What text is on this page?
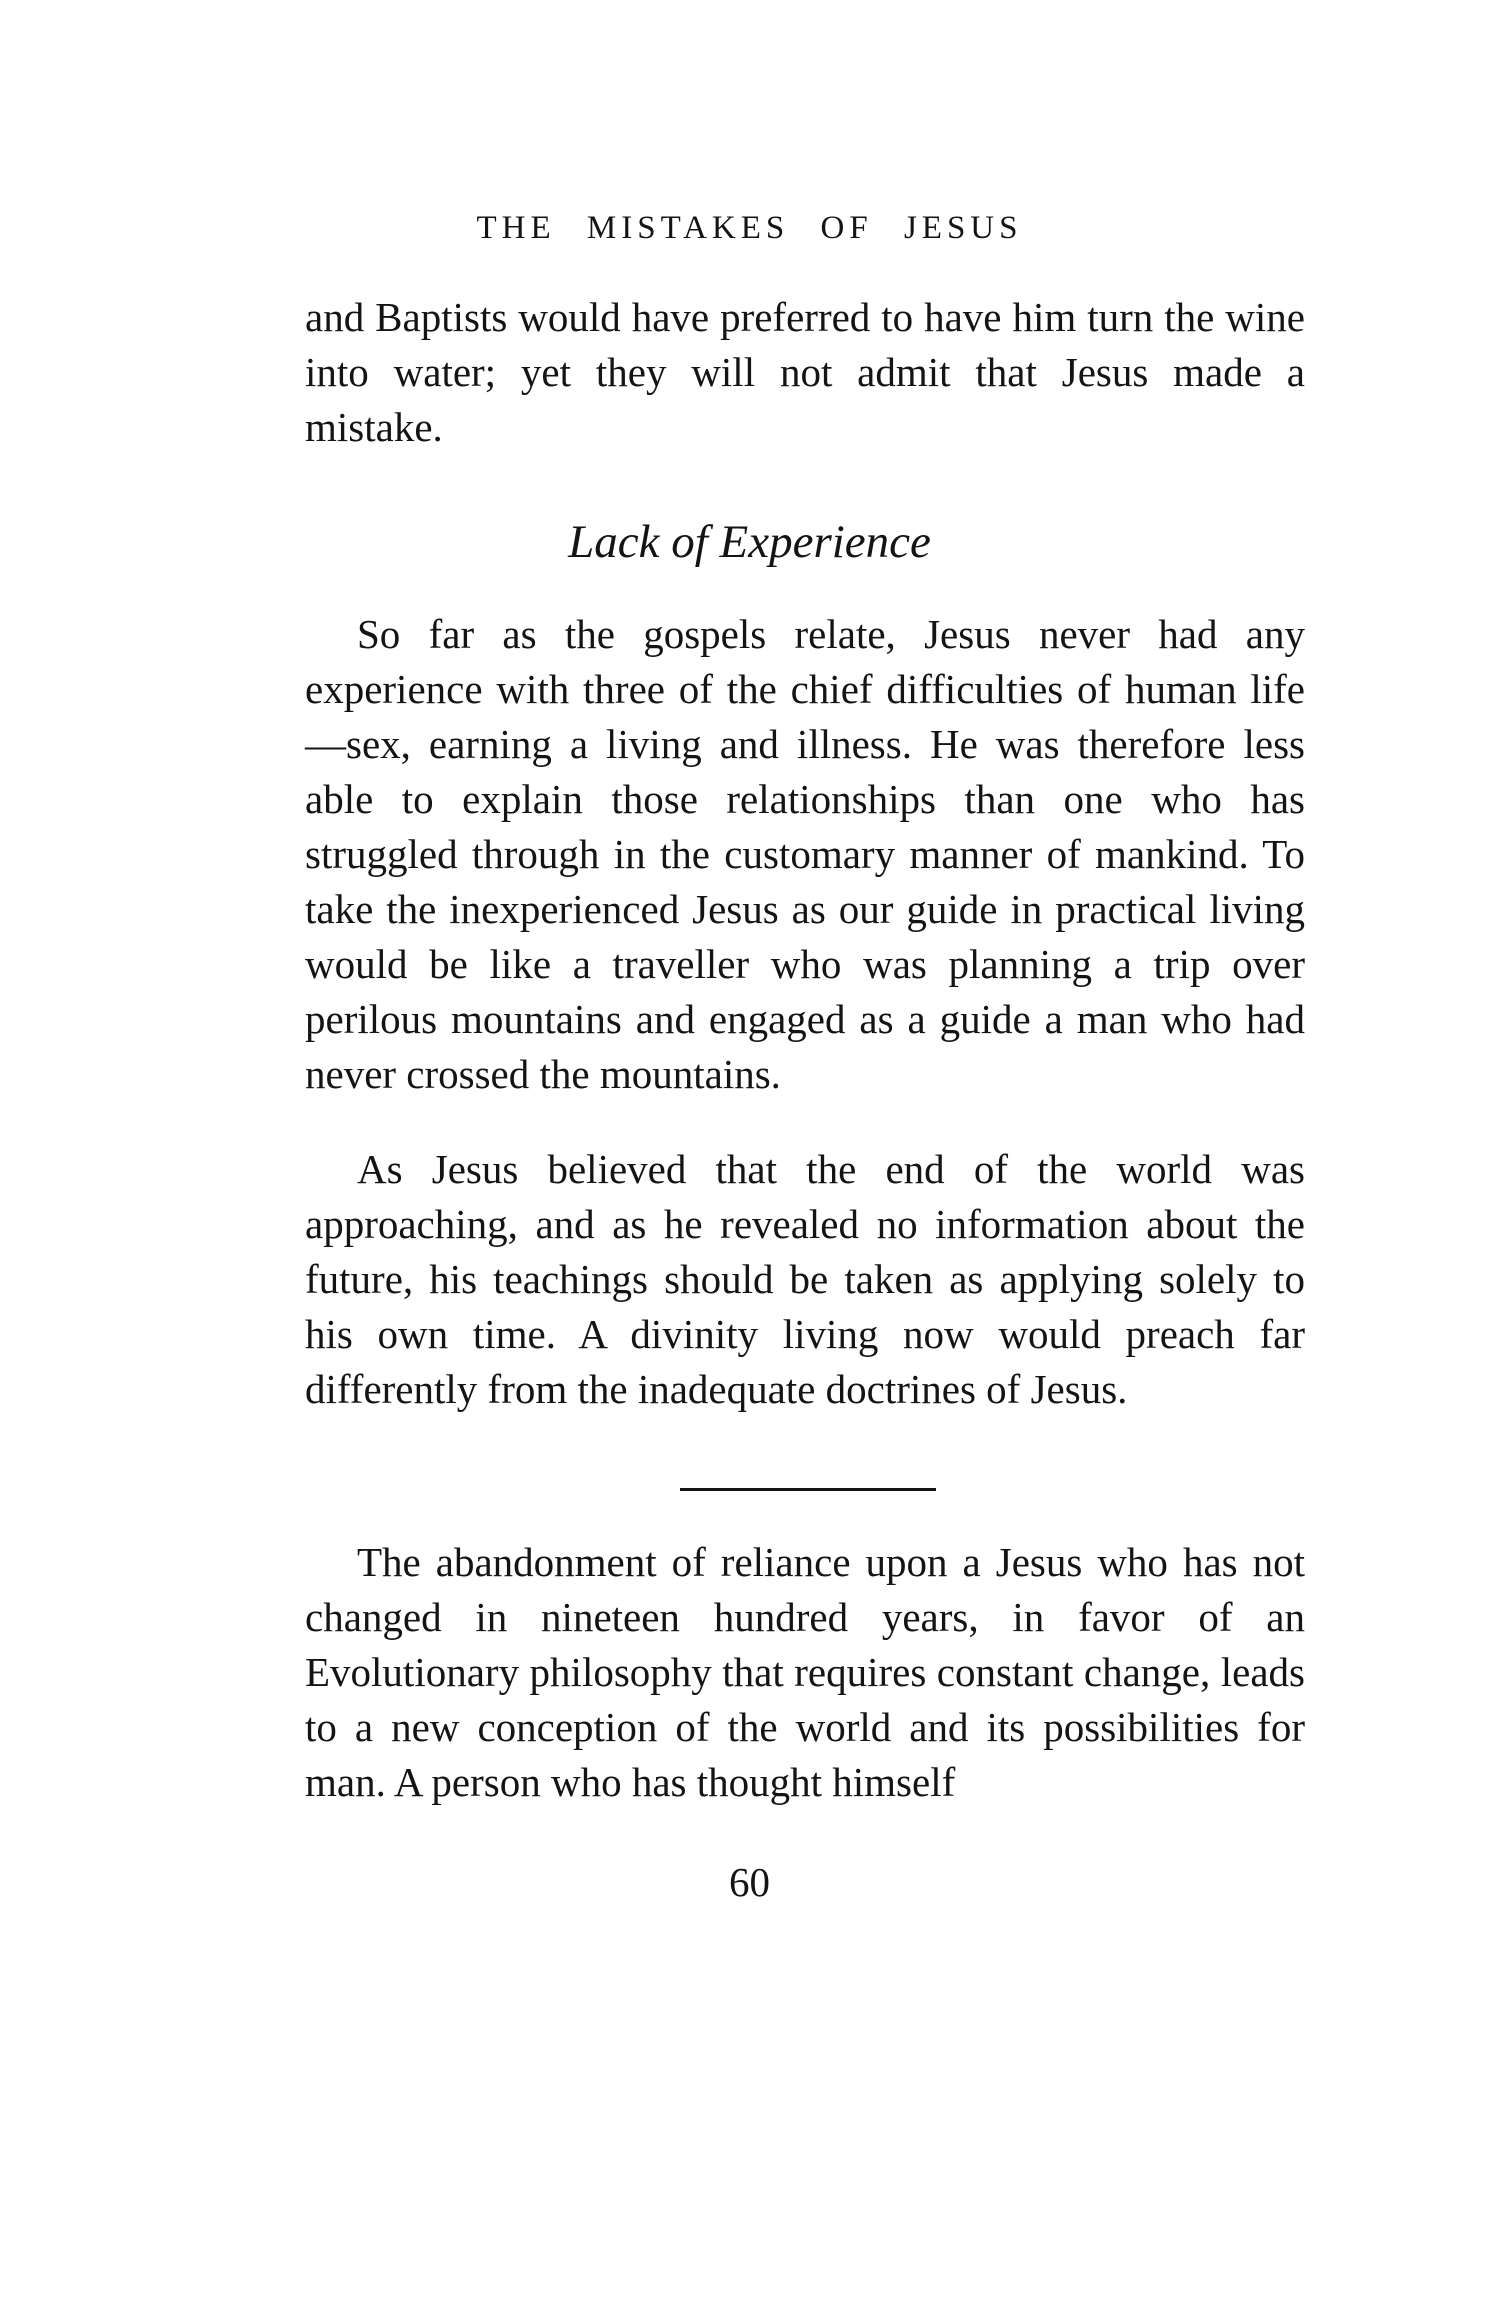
THE MISTAKES OF JESUS

and Baptists would have preferred to have him turn the wine into water; yet they will not admit that Jesus made a mistake.

Lack of Experience

So far as the gospels relate, Jesus never had any experience with three of the chief difficulties of human life—sex, earning a living and illness. He was therefore less able to explain those relationships than one who has struggled through in the customary manner of mankind. To take the inexperienced Jesus as our guide in practical living would be like a traveller who was planning a trip over perilous mountains and engaged as a guide a man who had never crossed the mountains.

As Jesus believed that the end of the world was approaching, and as he revealed no information about the future, his teachings should be taken as applying solely to his own time. A divinity living now would preach far differently from the inadequate doctrines of Jesus.

The abandonment of reliance upon a Jesus who has not changed in nineteen hundred years, in favor of an Evolutionary philosophy that requires constant change, leads to a new conception of the world and its possibilities for man. A person who has thought himself

60
